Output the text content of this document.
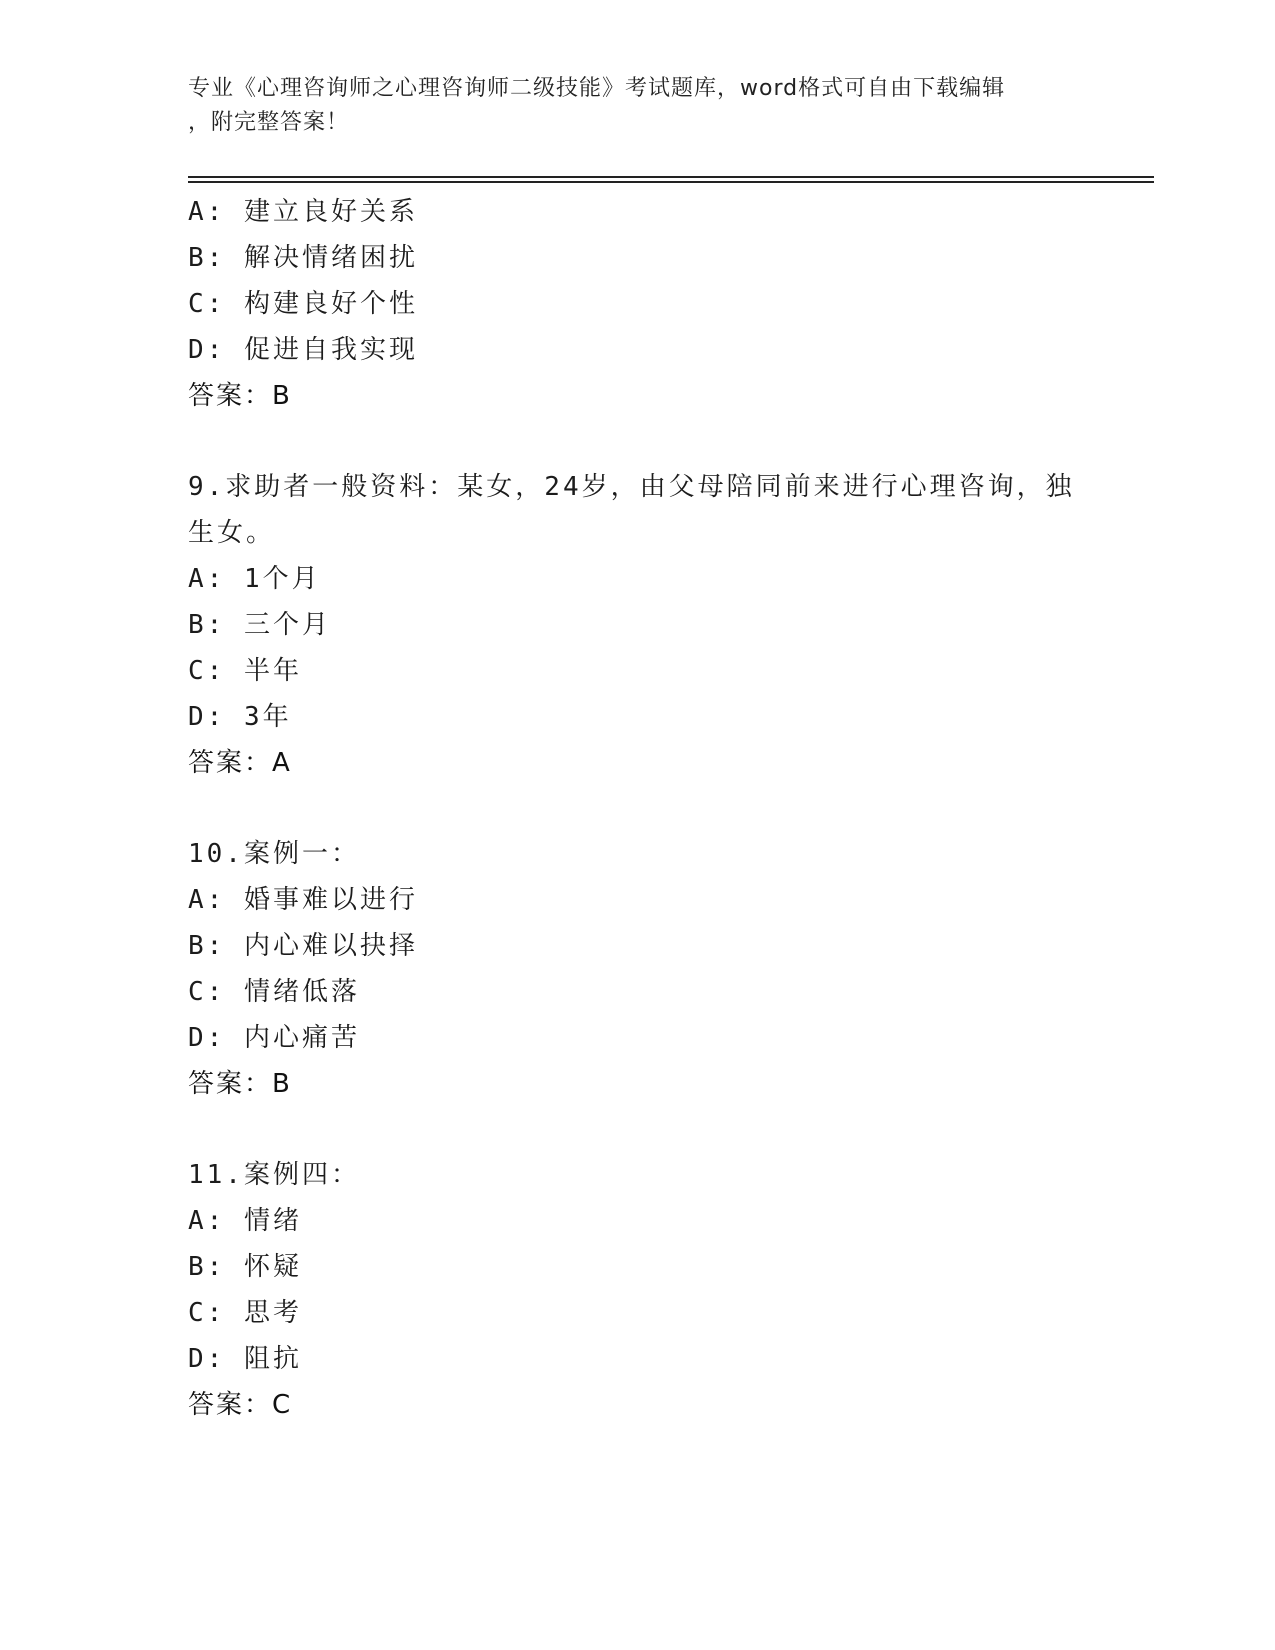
专业《心理咨询师之心理咨询师二级技能》考试题库，word格式可自由下载编辑
，附完整答案！
A: 建立良好关系
B: 解决情绪困扰
C: 构建良好个性
D: 促进自我实现
答案：B
9.求助者一般资料：某女，24岁，由父母陪同前来进行心理咨询，独
生女。
A: 1个月
B: 三个月
C: 半年
D: 3年
答案：A
10.案例一：
A: 婚事难以进行
B: 内心难以抉择
C: 情绪低落
D: 内心痛苦
答案：B
11.案例四：
A: 情绪
B: 怀疑
C: 思考
D: 阻抗
答案：C
